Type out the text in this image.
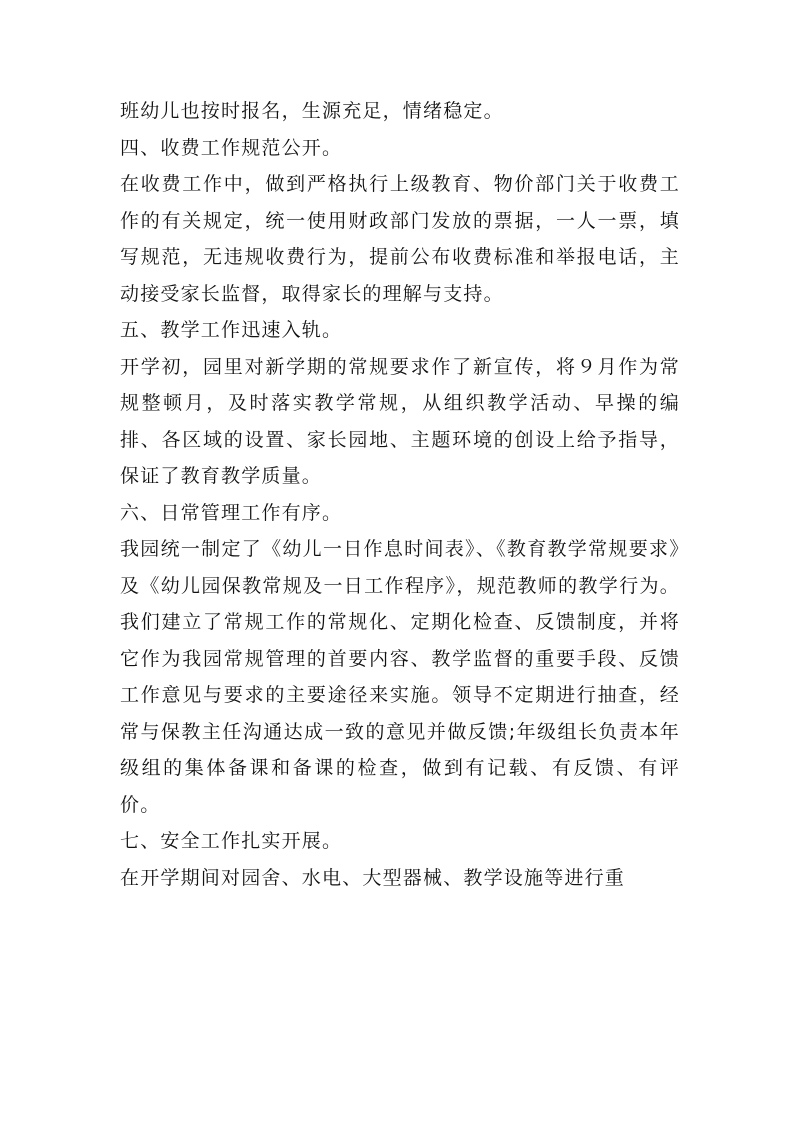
班幼儿也按时报名，生源充足，情绪稳定。

四、收费工作规范公开。

在收费工作中，做到严格执行上级教育、物价部门关于收费工作的有关规定，统一使用财政部门发放的票据，一人一票，填写规范，无违规收费行为，提前公布收费标准和举报电话，主动接受家长监督，取得家长的理解与支持。

五、教学工作迅速入轨。

开学初，园里对新学期的常规要求作了新宣传，将９月作为常规整顿月，及时落实教学常规，从组织教学活动、早操的编排、各区域的设置、家长园地、主题环境的创设上给予指导，保证了教育教学质量。

六、日常管理工作有序。

我园统一制定了《幼儿一日作息时间表》、《教育教学常规要求》及《幼儿园保教常规及一日工作程序》，规范教师的教学行为。我们建立了常规工作的常规化、定期化检查、反馈制度，并将它作为我园常规管理的首要内容、教学监督的重要手段、反馈工作意见与要求的主要途径来实施。领导不定期进行抽查，经常与保教主任沟通达成一致的意见并做反馈;年级组长负责本年级组的集体备课和备课的检查，做到有记载、有反馈、有评价。

七、安全工作扎实开展。

在开学期间对园舍、水电、大型器械、教学设施等进行重
